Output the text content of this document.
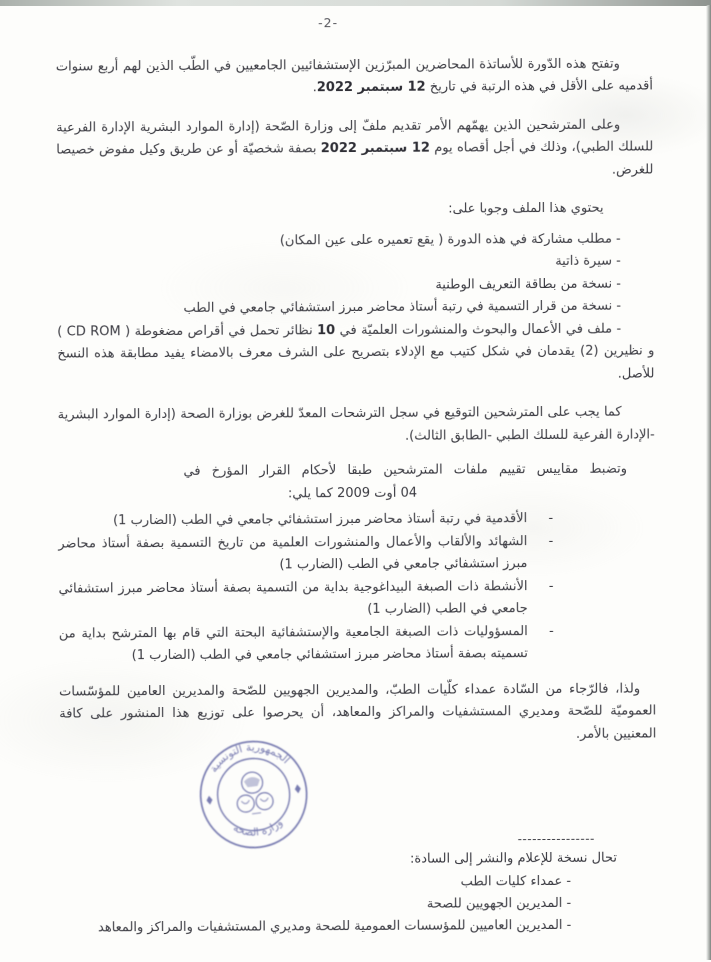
-2-

وتفتح هذه الدّورة للأساتذة المحاضرين المبرّزين الإستشفائيين الجامعيين في الطّب الذين لهم أربع سنوات أقدميه على الأقل في هذه الرتبة في تاريخ 12 سبتمبر 2022.

وعلى المترشحين الذين يهمّهم الأمر تقديم ملفّ إلى وزارة الصّحة (إدارة الموارد البشرية الإدارة الفرعية للسلك الطبي)، وذلك في أجل أقصاه يوم 12 سبتمبر 2022 بصفة شخصيّة أو عن طريق وكيل مفوض خصيصا للغرض.

يحتوي هذا الملف وجوبا على:
- مطلب مشاركة في هذه الدورة ( يقع تعميره على عين المكان)
- سيرة ذاتية
- نسخة من بطاقة التعريف الوطنية
- نسخة من قرار التسمية في رتبة أستاذ محاضر مبرز استشفائي جامعي في الطب
- ملف في الأعمال والبحوث والمنشورات العلميّة في 10 نظائر تحمل في أقراص مضغوطة ( CD ROM ) و نظيرين (2) يقدمان في شكل كتيب مع الإدلاء بتصريح على الشرف معرف بالامضاء يفيد مطابقة هذه النسخ للأصل.

كما يجب على المترشحين التوقيع في سجل الترشحات المعدّ للغرض بوزارة الصحة (إدارة الموارد البشرية -الإدارة الفرعية للسلك الطبي -الطابق الثالث).

وتضبط مقاييس تقييم ملفات المترشحين طبقا لأحكام القرار المؤرخ في
04 أوت 2009 كما يلي:
-
الأقدمية في رتبة أستاذ محاضر مبرز استشفائي جامعي في الطب (الضارب 1)
-
الشهائد والألقاب والأعمال والمنشورات العلمية من تاريخ التسمية بصفة أستاذ محاضر مبرز استشفائي جامعي في الطب (الضارب 1)
-
الأنشطة ذات الصبغة البيداغوجية بداية من التسمية بصفة أستاذ محاضر مبرز استشفائي جامعي في الطب (الضارب 1)
-
المسؤوليات ذات الصبغة الجامعية والإستشفائية البحتة التي قام بها المترشح بداية من تسميته بصفة أستاذ محاضر مبرز استشفائي جامعي في الطب (الضارب 1)

ولذا، فالرّجاء من السّادة عمداء كلّيات الطبّ، والمديرين الجهويين للصّحة والمديرين العامين للمؤسّسات العموميّة للصّحة ومديري المستشفيات والمراكز والمعاهد، أن يحرصوا على توزيع هذا المنشور على كافة المعنيين بالأمر.

الجمهورية التونسية
وزارة الصحة
----------------
تحال نسخة للإعلام والنشر إلى السادة:
- عمداء كليات الطب
- المديرين الجهويين للصحة
- المديرين العاميين للمؤسسات العمومية للصحة ومديري المستشفيات والمراكز والمعاهد
